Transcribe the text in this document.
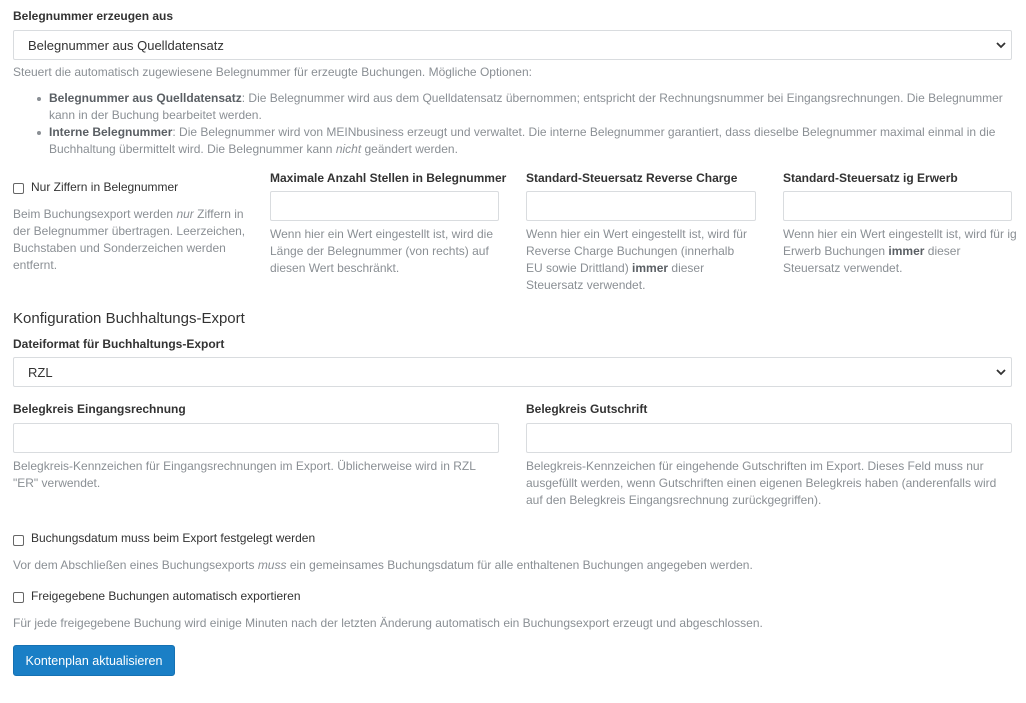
Belegnummer erzeugen aus
Belegnummer aus Quelldatensatz
Steuert die automatisch zugewiesene Belegnummer für erzeugte Buchungen. Mögliche Optionen:
Belegnummer aus Quelldatensatz: Die Belegnummer wird aus dem Quelldatensatz übernommen; entspricht der Rechnungsnummer bei Eingangsrechnungen. Die Belegnummer kann in der Buchung bearbeitet werden.
Interne Belegnummer: Die Belegnummer wird von MEINbusiness erzeugt und verwaltet. Die interne Belegnummer garantiert, dass dieselbe Belegnummer maximal einmal in die Buchhaltung übermittelt wird. Die Belegnummer kann nicht geändert werden.
Nur Ziffern in Belegnummer
Beim Buchungsexport werden nur Ziffern in der Belegnummer übertragen. Leerzeichen, Buchstaben und Sonderzeichen werden entfernt.
Maximale Anzahl Stellen in Belegnummer
Wenn hier ein Wert eingestellt ist, wird die Länge der Belegnummer (von rechts) auf diesen Wert beschränkt.
Standard-Steuersatz Reverse Charge
Wenn hier ein Wert eingestellt ist, wird für Reverse Charge Buchungen (innerhalb EU sowie Drittland) immer dieser Steuersatz verwendet.
Standard-Steuersatz ig Erwerb
Wenn hier ein Wert eingestellt ist, wird für ig Erwerb Buchungen immer dieser Steuersatz verwendet.
Konfiguration Buchhaltungs-Export
Dateiformat für Buchhaltungs-Export
RZL
Belegkreis Eingangsrechnung
Belegkreis-Kennzeichen für Eingangsrechnungen im Export. Üblicherweise wird in RZL "ER" verwendet.
Belegkreis Gutschrift
Belegkreis-Kennzeichen für eingehende Gutschriften im Export. Dieses Feld muss nur ausgefüllt werden, wenn Gutschriften einen eigenen Belegkreis haben (anderenfalls wird auf den Belegkreis Eingangsrechnung zurückgegriffen).
Buchungsdatum muss beim Export festgelegt werden
Vor dem Abschließen eines Buchungsexports muss ein gemeinsames Buchungsdatum für alle enthaltenen Buchungen angegeben werden.
Freigegebene Buchungen automatisch exportieren
Für jede freigegebene Buchung wird einige Minuten nach der letzten Änderung automatisch ein Buchungsexport erzeugt und abgeschlossen.
Kontenplan aktualisieren
